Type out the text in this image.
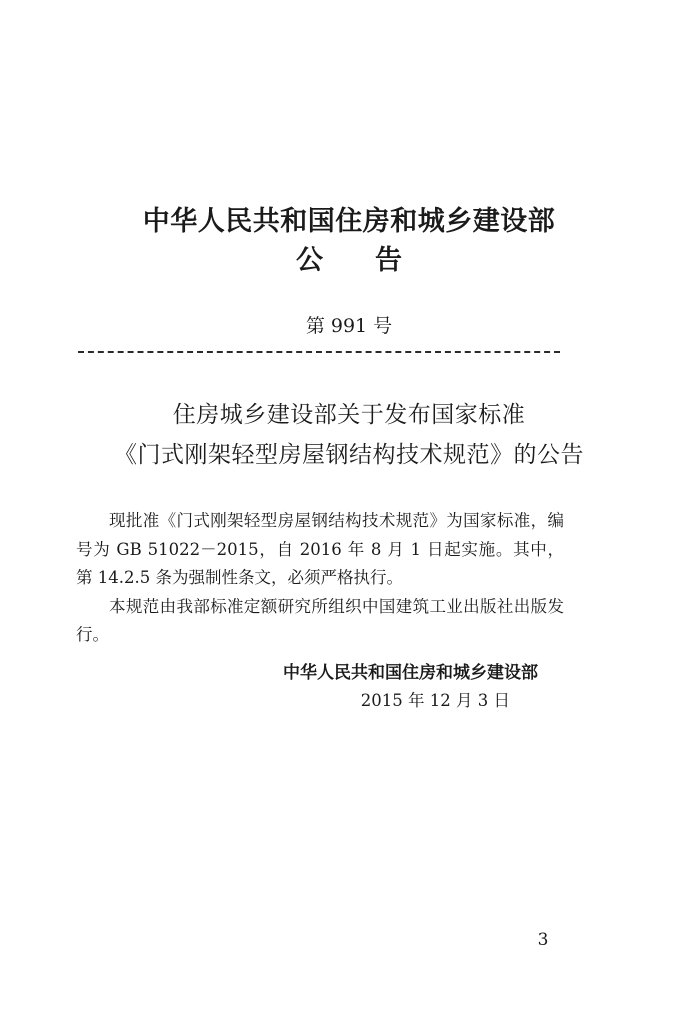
中华人民共和国住房和城乡建设部
公告
第 991 号
住房城乡建设部关于发布国家标准
《门式刚架轻型房屋钢结构技术规范》的公告

现批准《门式刚架轻型房屋钢结构技术规范》为国家标准，编号为 GB 51022－2015，自 2016 年 8 月 1 日起实施。其中，第 14.2.5 条为强制性条文，必须严格执行。

本规范由我部标准定额研究所组织中国建筑工业出版社出版发行。

中华人民共和国住房和城乡建设部
2015 年 12 月 3 日
3
